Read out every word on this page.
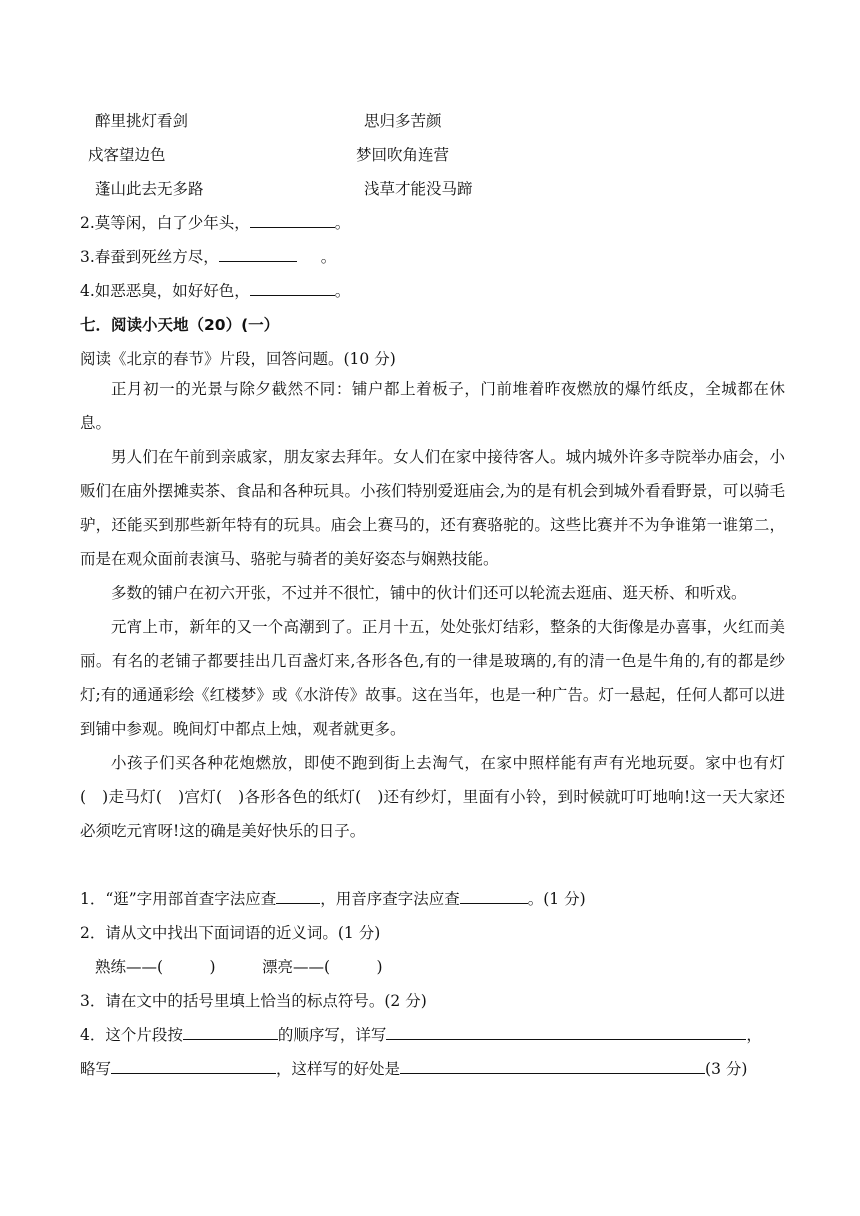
醉里挑灯看剑	思归多苦颜
戍客望边色	梦回吹角连营
蓬山此去无多路	浅草才能没马蹄
2.莫等闲，白了少年头，	。
3.春蚕到死丝方尽，	。
4.如恶恶臭，如好好色，	。
七．阅读小天地（20）(一）
阅读《北京的春节》片段，回答问题。(10 分)

正月初一的光景与除夕截然不同：铺户都上着板子，门前堆着昨夜燃放的爆竹纸皮，全城都在休息。

男人们在午前到亲戚家，朋友家去拜年。女人们在家中接待客人。城内城外许多寺院举办庙会，小贩们在庙外摆摊卖茶、食品和各种玩具。小孩们特别爱逛庙会,为的是有机会到城外看看野景，可以骑毛驴，还能买到那些新年特有的玩具。庙会上赛马的，还有赛骆驼的。这些比赛并不为争谁第一谁第二，而是在观众面前表演马、骆驼与骑者的美好姿态与娴熟技能。

多数的铺户在初六开张，不过并不很忙，铺中的伙计们还可以轮流去逛庙、逛天桥、和听戏。

元宵上市，新年的又一个高潮到了。正月十五，处处张灯结彩，整条的大街像是办喜事，火红而美丽。有名的老铺子都要挂出几百盏灯来,各形各色,有的一律是玻璃的,有的清一色是牛角的,有的都是纱灯;有的通通彩绘《红楼梦》或《水浒传》故事。这在当年，也是一种广告。灯一悬起，任何人都可以进到铺中参观。晚间灯中都点上烛，观者就更多。

小孩子们买各种花炮燃放，即使不跑到街上去淘气，在家中照样能有声有光地玩耍。家中也有灯(　)走马灯(　)宫灯(　)各形各色的纸灯(　)还有纱灯，里面有小铃，到时候就叮叮地响!这一天大家还必须吃元宵呀!这的确是美好快乐的日子。

1．“逛”字用部首查字法应查	，用音序查字法应查	。(1 分)
2．请从文中找出下面词语的近义词。(1 分)
熟练——(　　　)	漂亮——(　　　)
3．请在文中的括号里填上恰当的标点符号。(2 分)
4．这个片段按	的顺序写，详写	，
略写	，这样写的好处是	(3 分)
